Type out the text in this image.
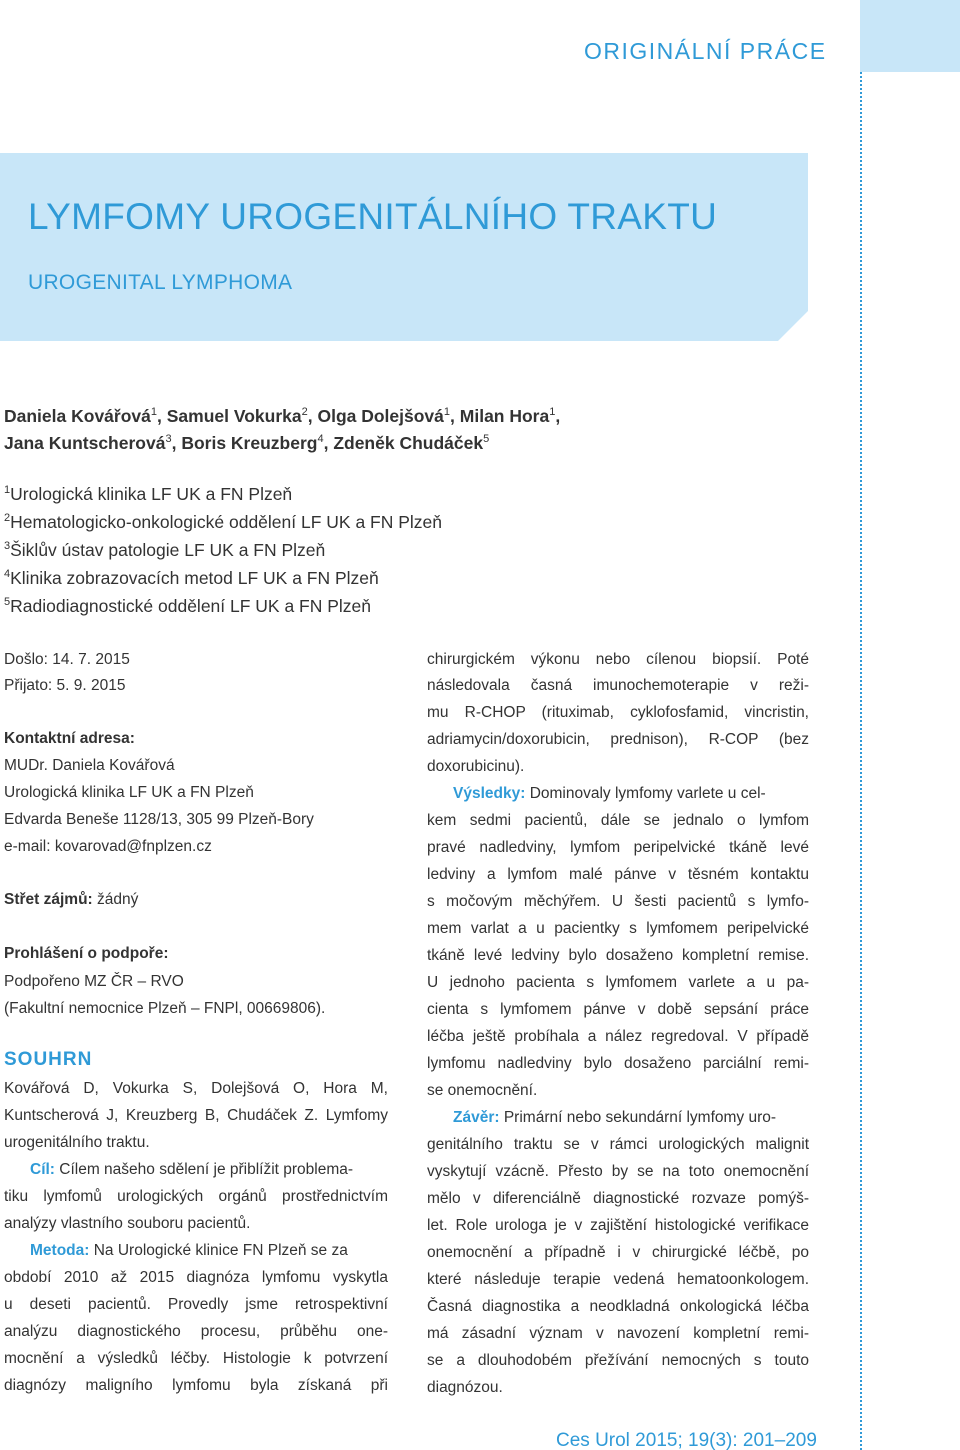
ORIGINÁLNÍ PRÁCE
LYMFOMY UROGENITÁLNÍHO TRAKTU
UROGENITAL LYMPHOMA
Daniela Kovářová$^1$, Samuel Vokurka$^2$, Olga Dolejšová$^1$, Milan Hora$^1$,
Jana Kuntscherová$^3$, Boris Kreuzberg$^4$, Zdeněk Chudáček$^5$
$^1$Urologická klinika LF UK a FN Plzeň
$^2$Hematologicko-onkologické oddělení LF UK a FN Plzeň
$^3$Šiklův ústav patologie LF UK a FN Plzeň
$^4$Klinika zobrazovacích metod LF UK a FN Plzeň
$^5$Radiodiagnostické oddělení LF UK a FN Plzeň
Došlo: 14. 7. 2015
Přijato: 5. 9. 2015
Kontaktní adresa:
MUDr. Daniela Kovářová
Urologická klinika LF UK a FN Plzeň
Edvarda Beneše 1128/13, 305 99 Plzeň-Bory
e-mail: kovarovad@fnplzen.cz
Střet zájmů: žádný
Prohlášení o podpoře:
Podpořeno MZ ČR – RVO
(Fakultní nemocnice Plzeň – FNPl, 00669806).
SOUHRN
Kovářová D, Vokurka S, Dolejšová O, Hora M,
Kuntscherová J, Kreuzberg B, Chudáček Z. Lymfomy
urogenitálního traktu.
Cíl: Cílem našeho sdělení je přiblížit problema-
tiku lymfomů urologických orgánů prostřednictvím
analýzy vlastního souboru pacientů.
Metoda: Na Urologické klinice FN Plzeň se za
období 2010 až 2015 diagnóza lymfomu vyskytla
u deseti pacientů. Provedly jsme retrospektivní
analýzu diagnostického procesu, průběhu one-
mocnění a výsledků léčby. Histologie k potvrzení
diagnózy maligního lymfomu byla získaná při
chirurgickém výkonu nebo cílenou biopsií. Poté
následovala časná imunochemoterapie v reži-
mu R-CHOP (rituximab, cyklofosfamid, vincristin,
adriamycin/doxorubicin, prednison), R-COP (bez
doxorubicinu).
Výsledky: Dominovaly lymfomy varlete u cel-
kem sedmi pacientů, dále se jednalo o lymfom
pravé nadledviny, lymfom peripelvické tkáně levé
ledviny a lymfom malé pánve v těsném kontaktu
s močovým měchýřem. U šesti pacientů s lymfo-
mem varlat a u pacientky s lymfomem peripelvické
tkáně levé ledviny bylo dosaženo kompletní remise.
U jednoho pacienta s lymfomem varlete a u pa-
cienta s lymfomem pánve v době sepsání práce
léčba ještě probíhala a nález regredoval. V případě
lymfomu nadledviny bylo dosaženo parciální remi-
se onemocnění.
Závěr: Primární nebo sekundární lymfomy uro-
genitálního traktu se v rámci urologických malignit
vyskytují vzácně. Přesto by se na toto onemocnění
mělo v diferenciálně diagnostické rozvaze pomýš-
let. Role urologa je v zajištění histologické verifikace
onemocnění a případně i v chirurgické léčbě, po
které následuje terapie vedená hematoonkologem.
Časná diagnostika a neodkladná onkologická léčba
má zásadní význam v navození kompletní remi-
se a dlouhodobém přežívání nemocných s touto
diagnózou.
Ces Urol 2015; 19(3): 201–209
